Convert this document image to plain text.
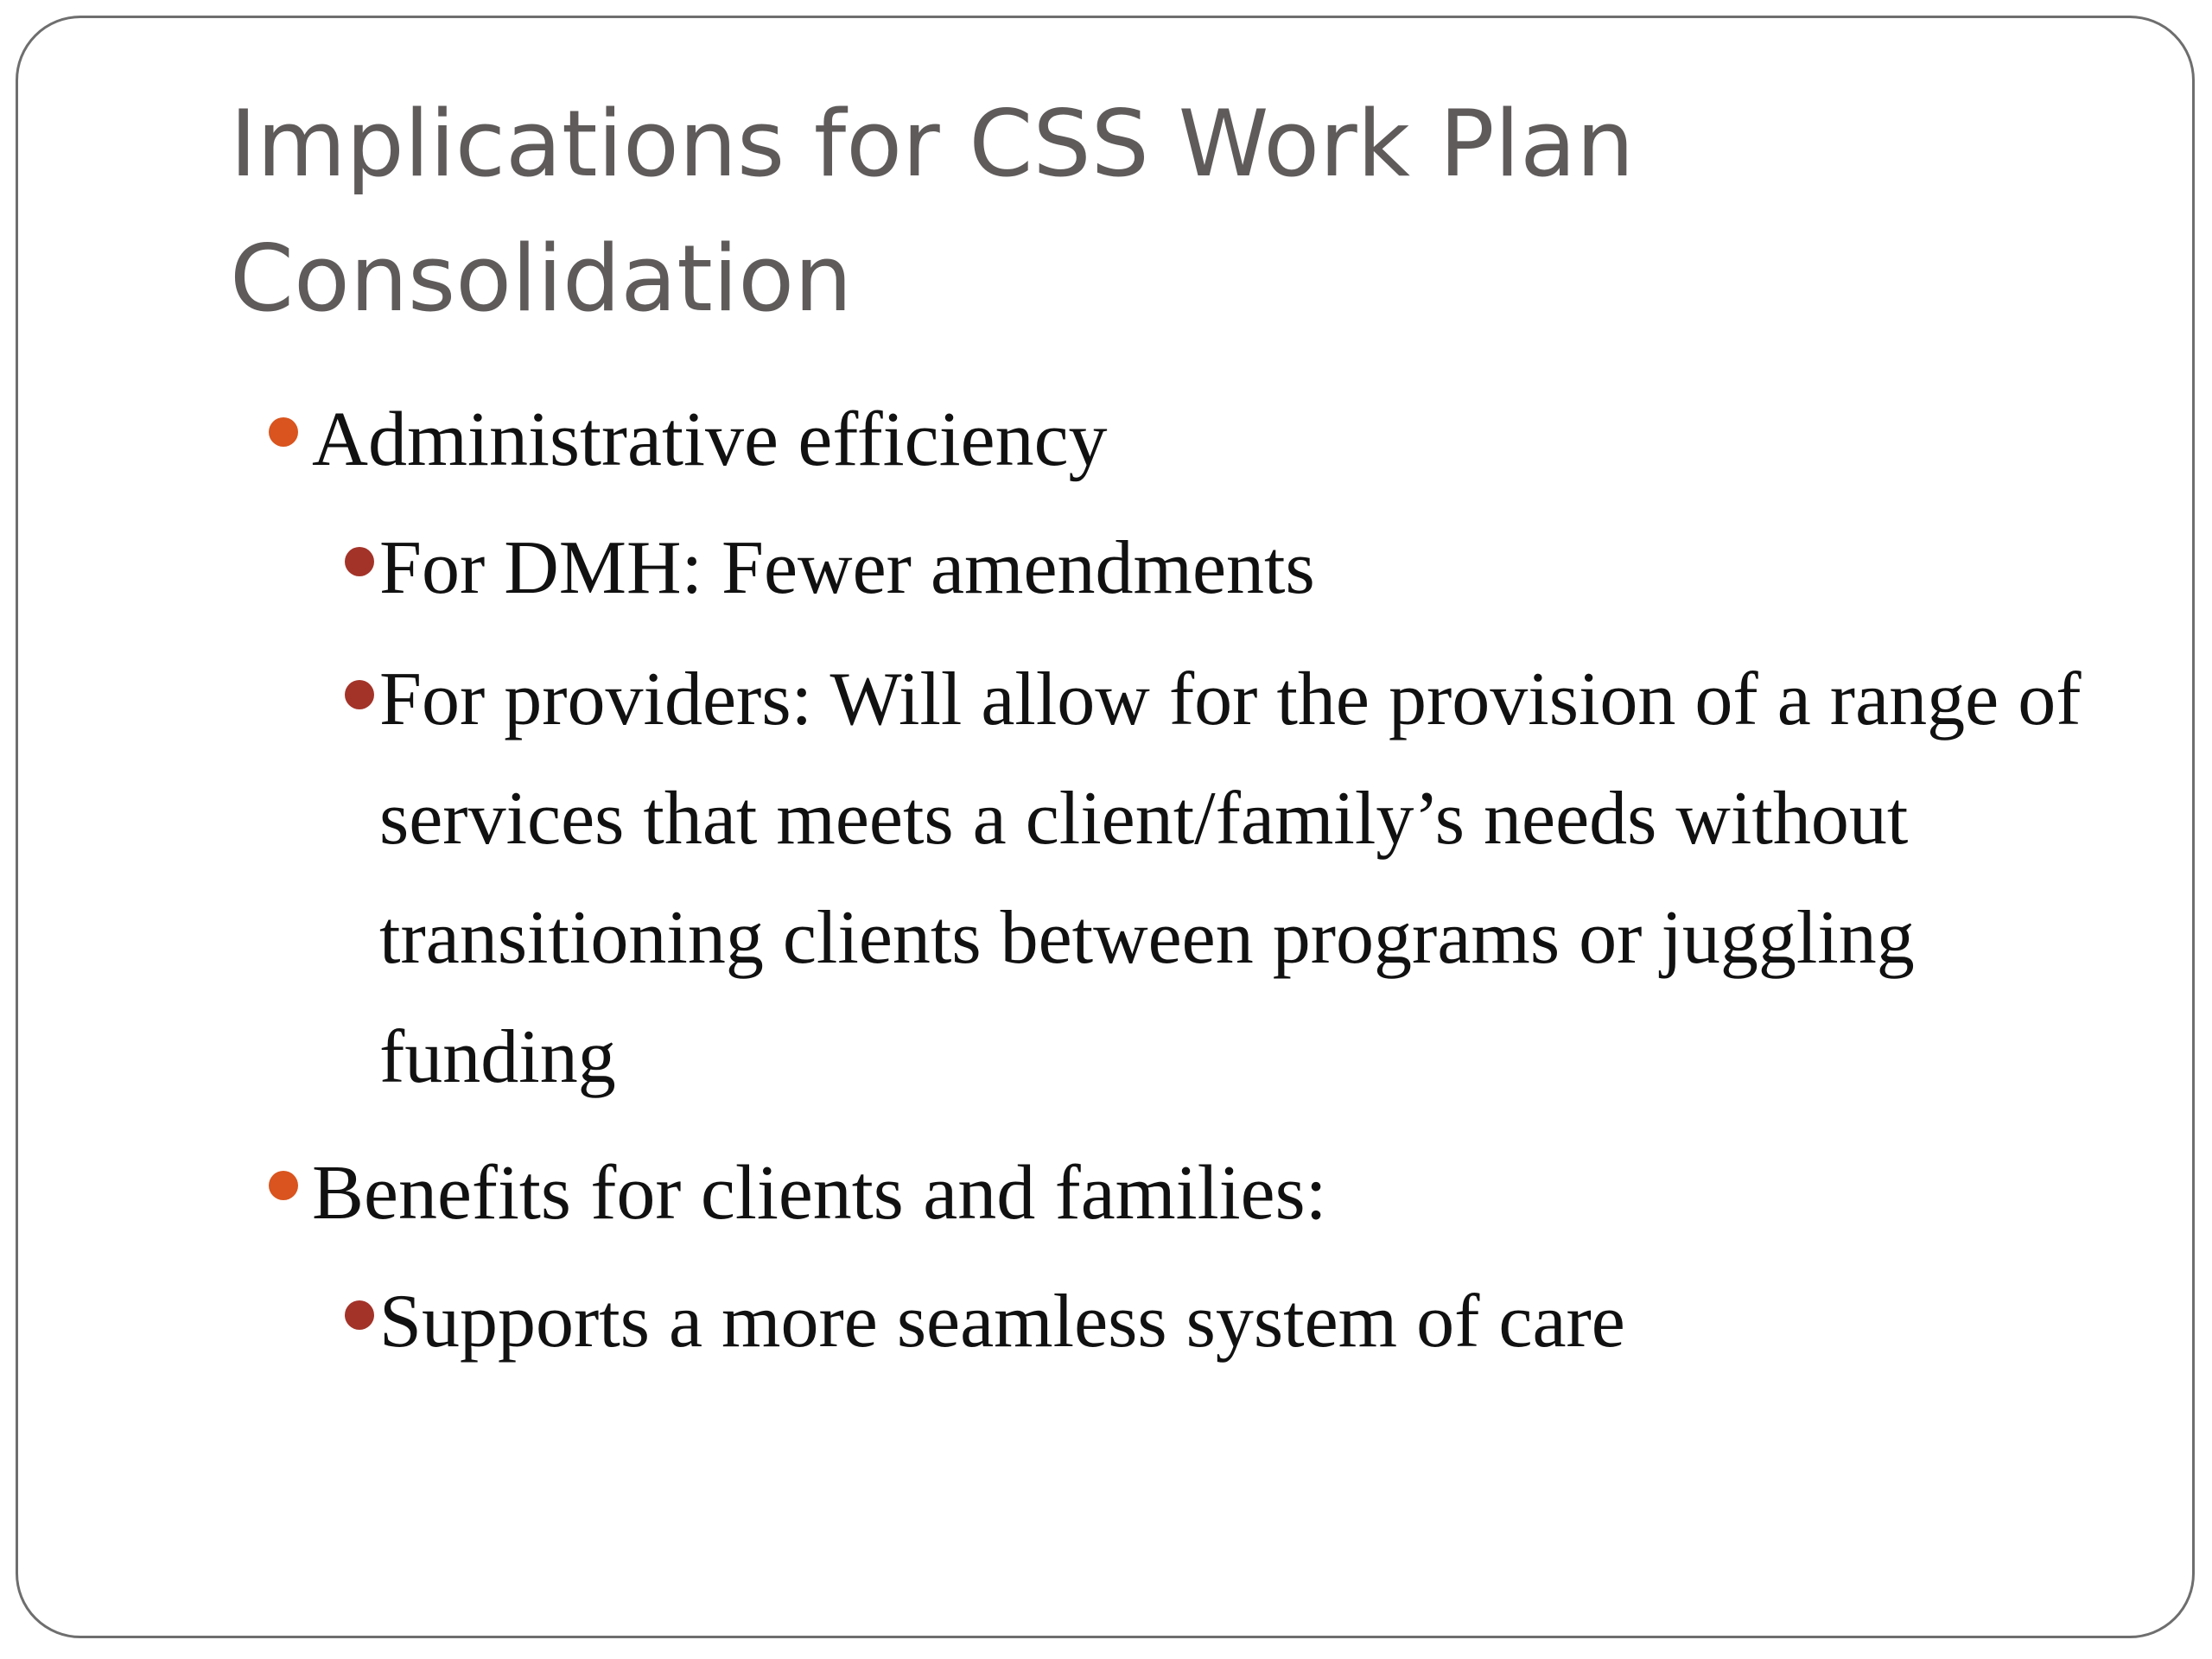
Implications for CSS Work Plan Consolidation

Administrative efficiency

For DMH: Fewer amendments

For providers: Will allow for the provision of a range of services that meets a client/family’s needs without transitioning clients between programs or juggling funding

Benefits for clients and families:

Supports a more seamless system of care
